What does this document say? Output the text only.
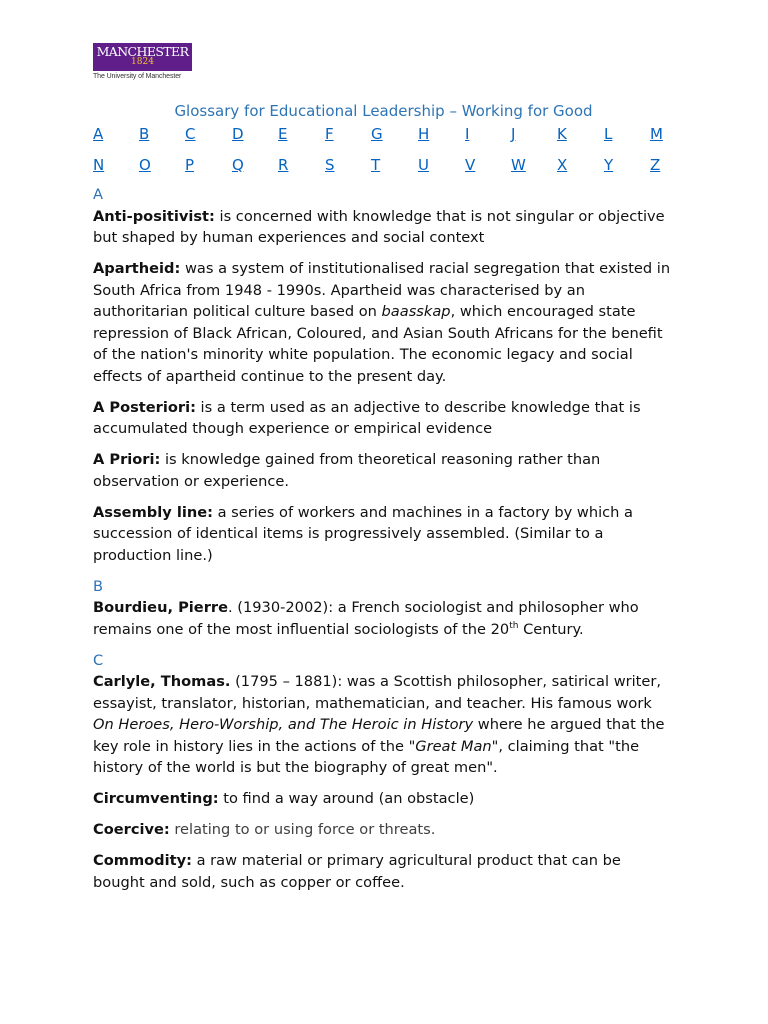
MANCHESTER
1824
The University of Manchester
Glossary for Educational Leadership – Working for Good
A B C D E	F G H I	J	K L	M
N O P	Q R S T	U V W X Y Z

A

Anti-positivist: is concerned with knowledge that is not singular or objective but shaped by human experiences and social context

Apartheid: was a system of institutionalised racial segregation that existed in South Africa from 1948 - 1990s. Apartheid was characterised by an authoritarian political culture based on baasskap, which encouraged state repression of Black African, Coloured, and Asian South Africans for the benefit of the nation's minority white population. The economic legacy and social effects of apartheid continue to the present day.

A Posteriori: is a term used as an adjective to describe knowledge that is accumulated though experience or empirical evidence

A Priori: is knowledge gained from theoretical reasoning rather than observation or experience.

Assembly line: a series of workers and machines in a factory by which a succession of identical items is progressively assembled. (Similar to a production line.)

B

Bourdieu, Pierre. (1930-2002): a French sociologist and philosopher who remains one of the most influential sociologists of the 20th Century.

C

Carlyle, Thomas. (1795 – 1881): was a Scottish philosopher, satirical writer, essayist, translator, historian, mathematician, and teacher. His famous work On Heroes, Hero-Worship, and The Heroic in History where he argued that the key role in history lies in the actions of the "Great Man", claiming that "the history of the world is but the biography of great men".

Circumventing: to find a way around (an obstacle)

Coercive: relating to or using force or threats.

Commodity: a raw material or primary agricultural product that can be bought and sold, such as copper or coffee.
